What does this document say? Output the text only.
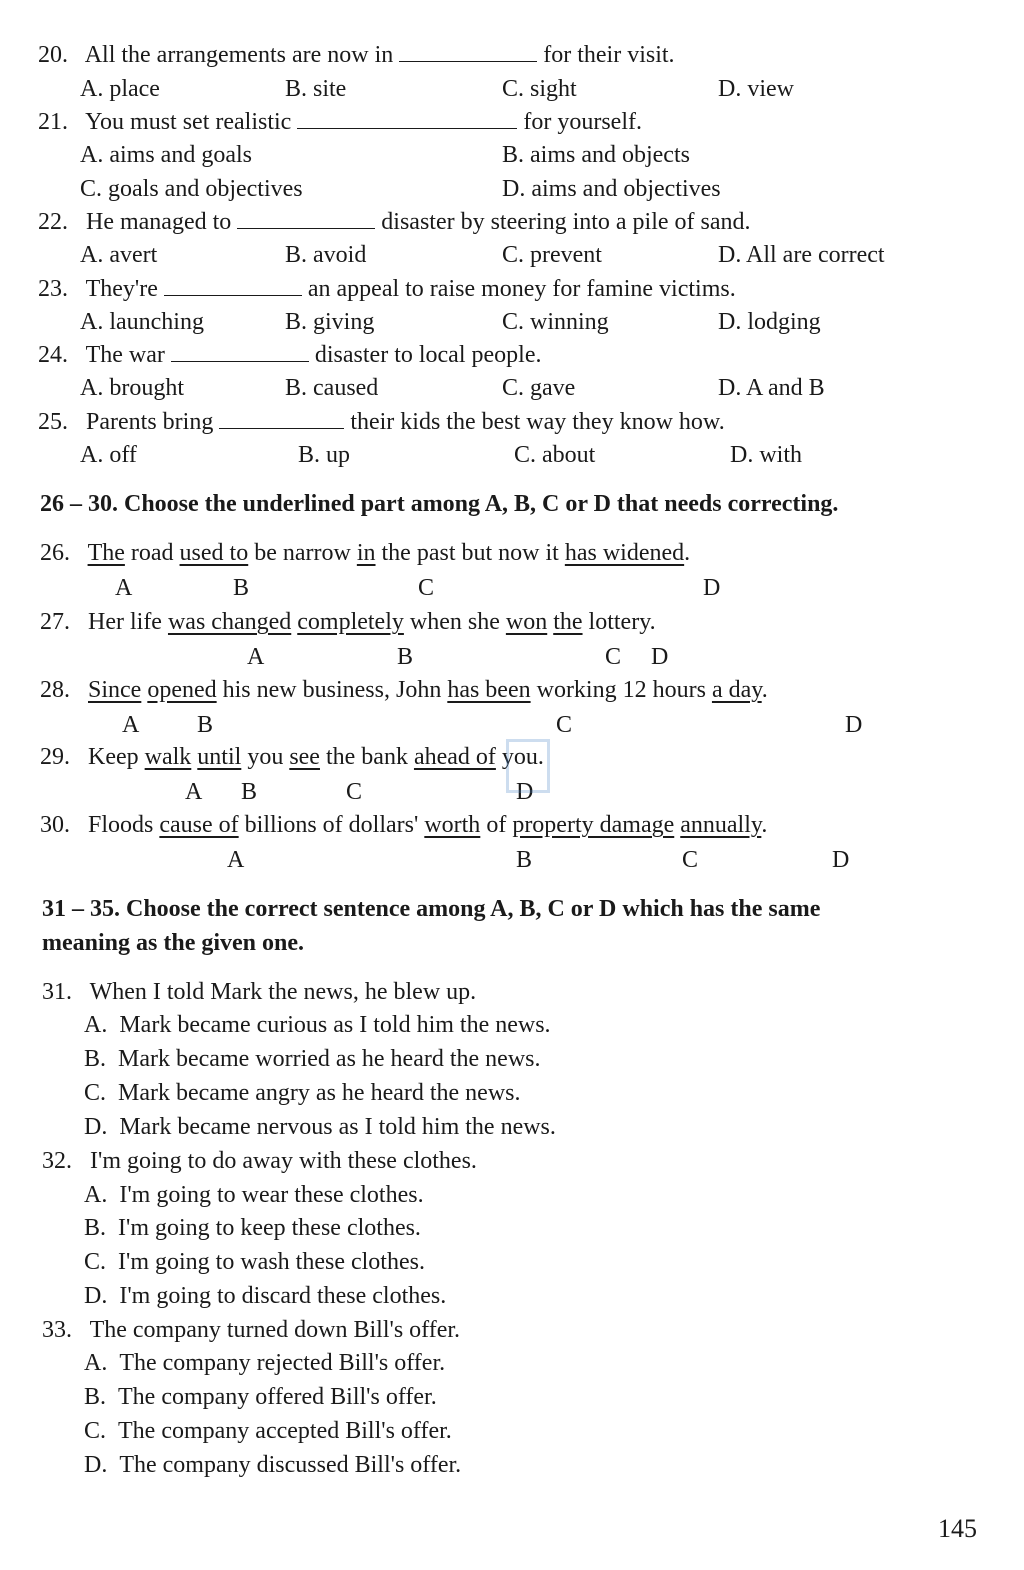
20. All the arrangements are now in	for their visit.
A. place	B. site	C. sight	D. view
21. You must set realistic	for yourself.
A. aims and goals	B. aims and objects
C. goals and objectives	D. aims and objectives
22. He managed to	disaster by steering into a pile of sand.
A. avert	B. avoid	C. prevent	D. All are correct
23. They're	an appeal to raise money for famine victims.
A. launching	B. giving	C. winning	D. lodging
24. The war	disaster to local people.
A. brought	B. caused	C. gave	D. A and B
25. Parents bring	their kids the best way they know how.
A. off	B. up	C. about	D. with
26 – 30. Choose the underlined part among A, B, C or D that needs correcting.
26. The road used to be narrow in the past but now it has widened.
A	B	C	D
27. Her life was changed completely when she won the lottery.
A	B	C D
28. Since opened his new business, John has been working 12 hours a day.
A B	C	D
29. Keep walk until you see the bank ahead of you.
A B	C	D
30. Floods cause of billions of dollars' worth of property damage annually.
A	B	C	D
31 – 35. Choose the correct sentence among A, B, C or D which has the same
meaning as the given one.
31. When I told Mark the news, he blew up.
A. Mark became curious as I told him the news.
B. Mark became worried as he heard the news.
C. Mark became angry as he heard the news.
D. Mark became nervous as I told him the news.
32. I'm going to do away with these clothes.
A. I'm going to wear these clothes.
B. I'm going to keep these clothes.
C. I'm going to wash these clothes.
D. I'm going to discard these clothes.
33. The company turned down Bill's offer.
A. The company rejected Bill's offer.
B. The company offered Bill's offer.
C. The company accepted Bill's offer.
D. The company discussed Bill's offer.
145
